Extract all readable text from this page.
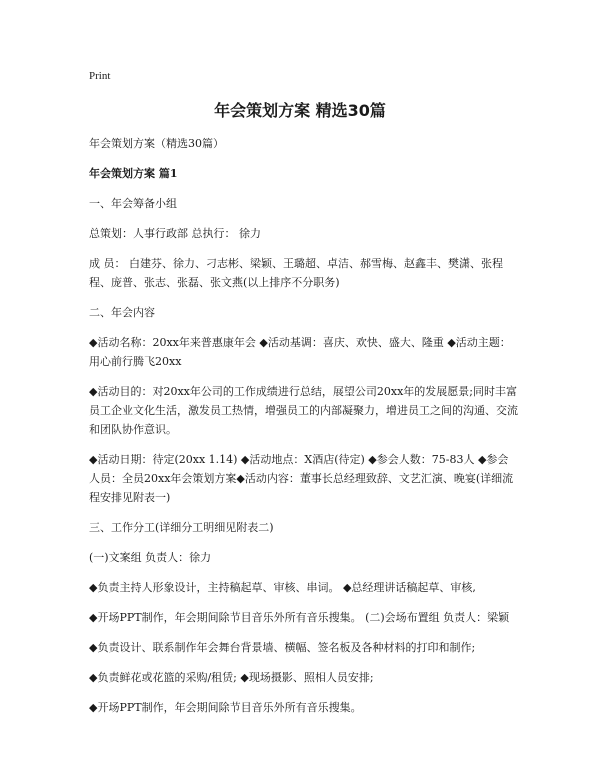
Print
年会策划方案 精选30篇

年会策划方案（精选30篇）

年会策划方案 篇1

一、年会筹备小组

总策划：人事行政部 总执行： 徐力

成 员： 白建芬、徐力、刁志彬、梁颖、王璐超、卓洁、郝雪梅、赵鑫丰、樊潇、张程程、庞普、张志、张磊、张文燕(以上排序不分职务)

二、年会内容

◆活动名称：20xx年来普惠康年会 ◆活动基调：喜庆、欢快、盛大、隆重 ◆活动主题：用心前行腾飞20xx

◆活动目的：对20xx年公司的工作成绩进行总结，展望公司20xx年的发展愿景;同时丰富员工企业文化生活，激发员工热情，增强员工的内部凝聚力，增进员工之间的沟通、交流和团队协作意识。

◆活动日期：待定(20xx 1.14) ◆活动地点：X酒店(待定) ◆参会人数：75-83人 ◆参会人员：全员20xx年会策划方案◆活动内容：董事长总经理致辞、文艺汇演、晚宴(详细流程安排见附表一)

三、工作分工(详细分工明细见附表二)

(一)文案组 负责人：徐力

◆负责主持人形象设计，主持稿起草、审核、串词。 ◆总经理讲话稿起草、审核,

◆开场PPT制作，年会期间除节目音乐外所有音乐搜集。 (二)会场布置组 负责人：梁颖

◆负责设计、联系制作年会舞台背景墙、横幅、签名板及各种材料的打印和制作;

◆负责鲜花或花篮的采购/租赁; ◆现场摄影、照相人员安排;

◆开场PPT制作，年会期间除节目音乐外所有音乐搜集。
